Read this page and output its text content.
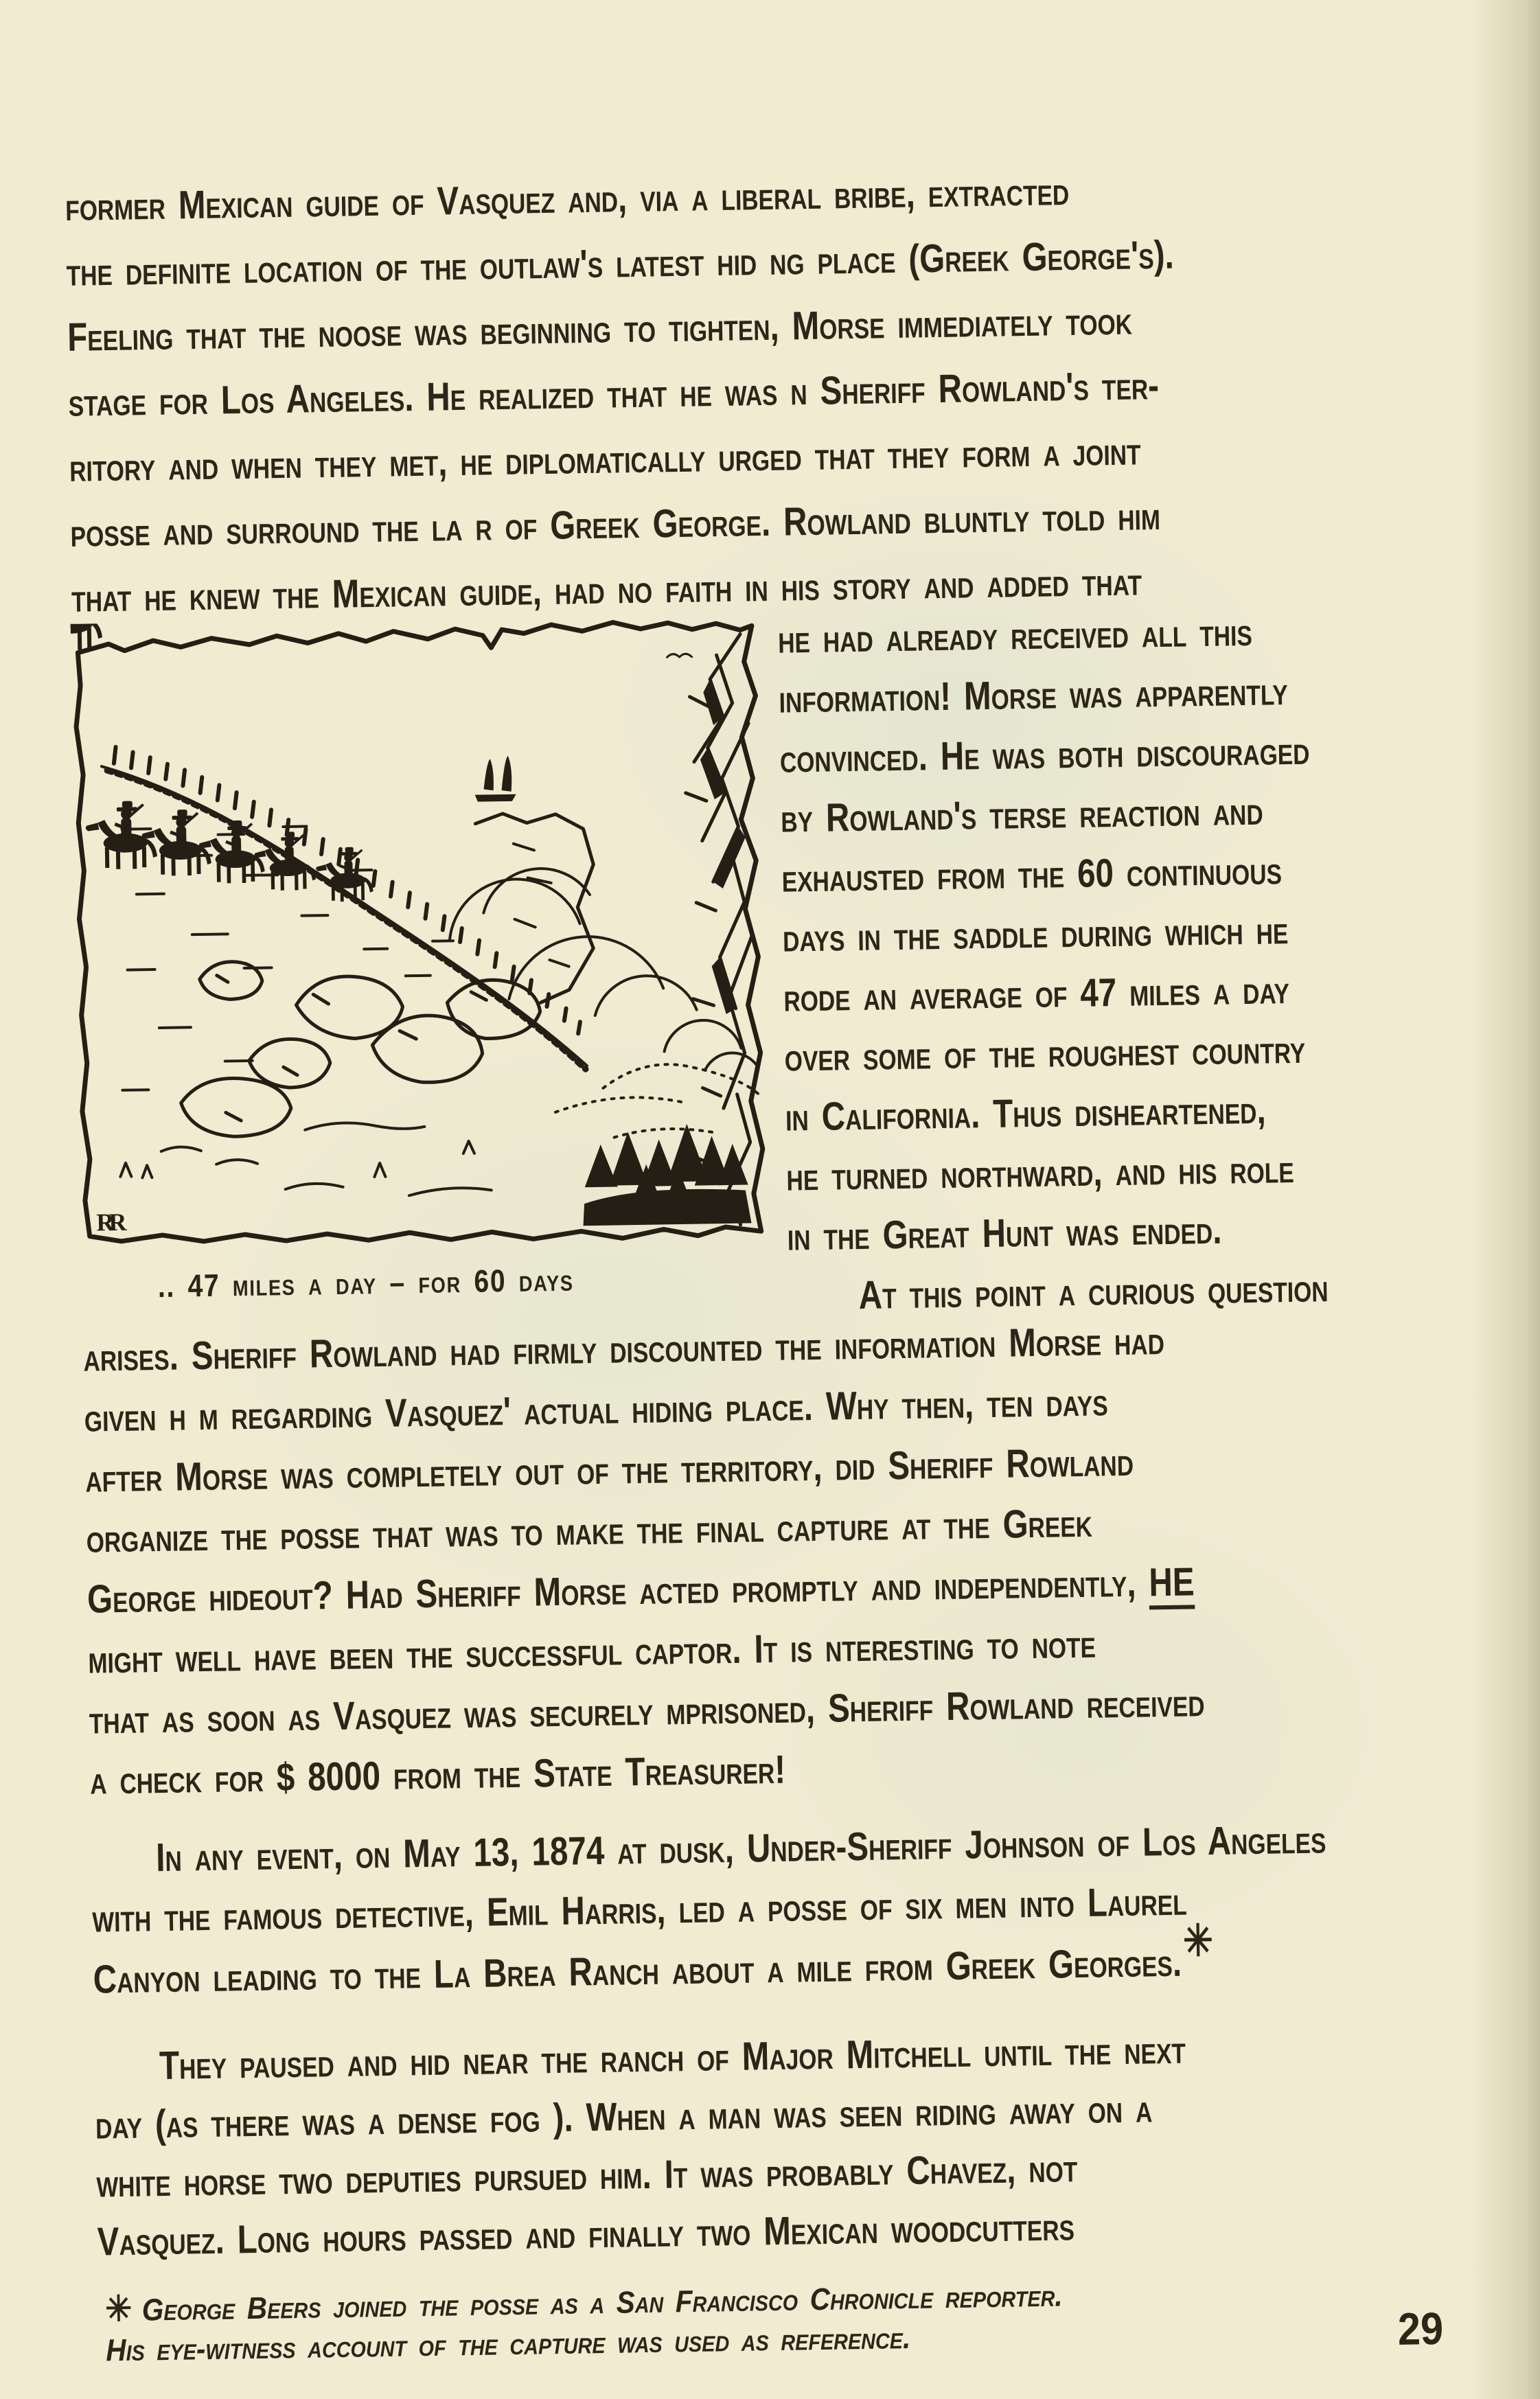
former Mexican guide of Vasquez and, via a liberal bribe, extracted
the definite location of the outlaw's latest hid ng place (Greek George's).
Feeling that the noose was beginning to tighten, Morse immediately took
stage for Los Angeles. He realized that he was n Sheriff Rowland's ter-
ritory and when they met, he diplomatically urged that they form a joint
posse and surround the la r of Greek George. Rowland bluntly told him
that he knew the Mexican guide, had no faith in his story and added that
RR
.. 47 miles a day – for 60 days
he had already received all this
information! Morse was apparently
convinced. He was both discouraged
by Rowland's terse reaction and
exhausted from the 60 continuous
days in the saddle during which he
rode an average of 47 miles a day
over some of the roughest country
in California. Thus disheartened,
he turned northward, and his role
in the Great Hunt was ended.
At this point a curious question
arises. Sheriff Rowland had firmly discounted the information Morse had
given h m regarding Vasquez' actual hiding place. Why then, ten days
after Morse was completely out of the territory, did Sheriff Rowland
organize the posse that was to make the final capture at the Greek
George hideout? Had Sheriff Morse acted promptly and independently, HE
might well have been the successful captor. It is nteresting to note
that as soon as Vasquez was securely mprisoned, Sheriff Rowland received
a check for $ 8000 from the State Treasurer!
In any event, on May 13, 1874 at dusk, Under-Sheriff Johnson of Los Angeles
with the famous detective, Emil Harris, led a posse of six men into Laurel
Canyon leading to the La Brea Ranch about a mile from Greek Georges.✳
They paused and hid near the ranch of Major Mitchell until the next
day (as there was a dense fog ). When a man was seen riding away on a
white horse two deputies pursued him. It was probably Chavez, not
Vasquez. Long hours passed and finally two Mexican woodcutters
✳ George Beers joined the posse as a San Francisco Chronicle reporter.
His eye-witness account of the capture was used as reference.	29
